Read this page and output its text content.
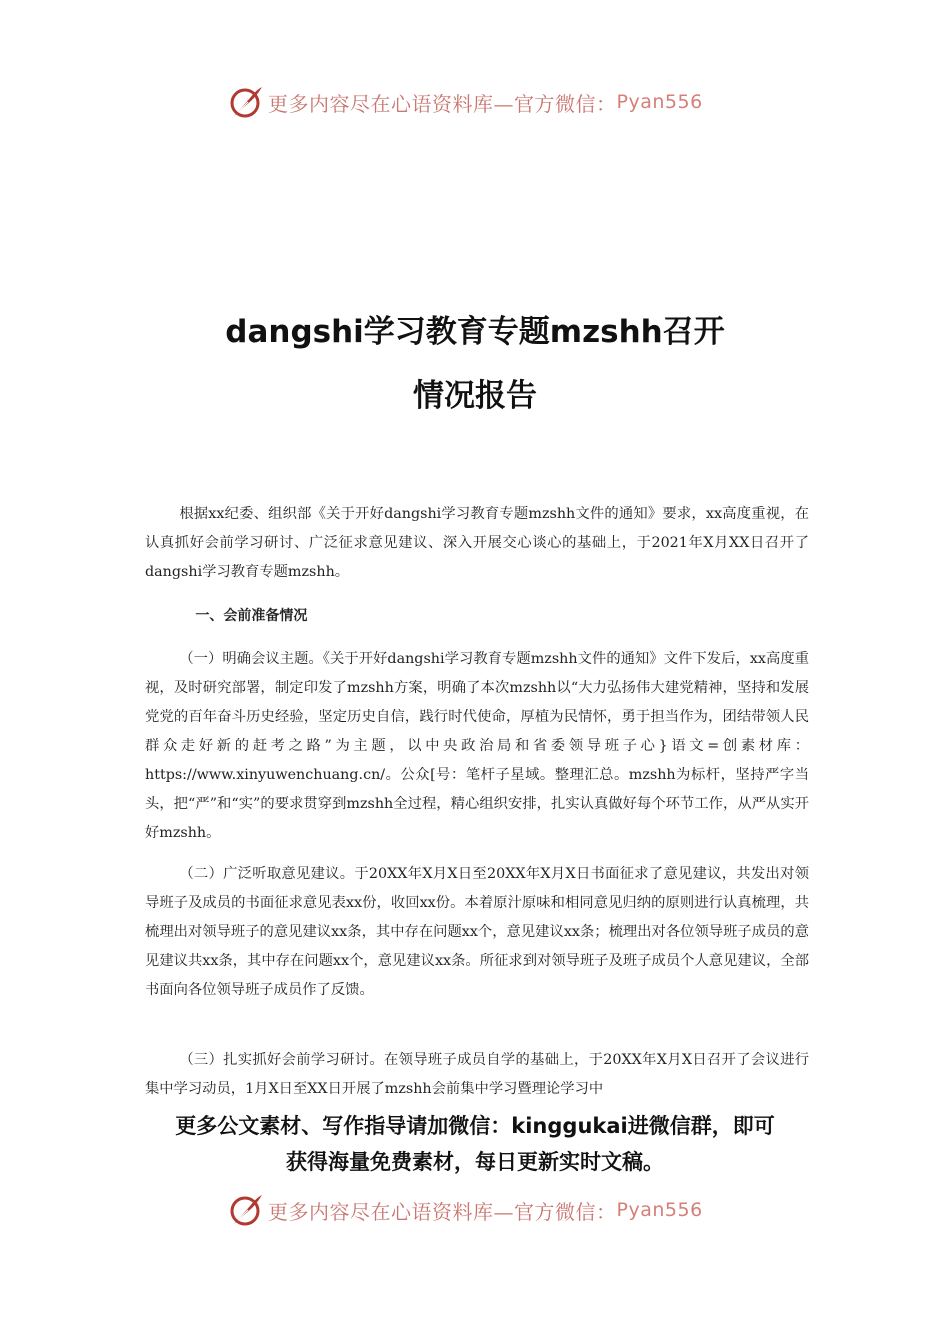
更多内容尽在心语资料库—官方微信： Pyan556
dangshi学习教育专题mzshh召开
情况报告

根据xx纪委、组织部《关于开好dangshi学习教育专题mzshh文件的通知》要求，xx高度重视，在认真抓好会前学习研讨、广泛征求意见建议、深入开展交心谈心的基础上，于2021年X月XX日召开了dangshi学习教育专题mzshh。

一、会前准备情况

（一）明确会议主题。《关于开好dangshi学习教育专题mzshh文件的通知》文件下发后，xx高度重视，及时研究部署，制定印发了mzshh方案，明确了本次mzshh以“大力弘扬伟大建党精神，坚持和发展党党的百年奋斗历史经验，坚定历史自信，践行时代使命，厚植为民情怀，勇于担当作为，团结带领人民群众走好新的赶考之路”为主题，以中央政治局和省委领导班子心}语文=创素材库：https://www.xinyuwenchuang.cn/。公众[号：笔杆子星域。整理汇总。mzshh为标杆，坚持严字当头，把“严”和“实”的要求贯穿到mzshh全过程，精心组织安排，扎实认真做好每个环节工作，从严从实开好mzshh。

（二）广泛听取意见建议。于20XX年X月X日至20XX年X月X日书面征求了意见建议，共发出对领导班子及成员的书面征求意见表xx份，收回xx份。本着原汁原味和相同意见归纳的原则进行认真梳理，共梳理出对领导班子的意见建议xx条，其中存在问题xx个，意见建议xx条；梳理出对各位领导班子成员的意见建议共xx条，其中存在问题xx个，意见建议xx条。所征求到对领导班子及班子成员个人意见建议，全部书面向各位领导班子成员作了反馈。

（三）扎实抓好会前学习研讨。在领导班子成员自学的基础上，于20XX年X月X日召开了会议进行集中学习动员，1月X日至XX日开展了mzshh会前集中学习暨理论学习中

更多公文素材、写作指导请加微信：kinggukai进微信群，即可
获得海量免费素材，每日更新实时文稿。
更多内容尽在心语资料库—官方微信： Pyan556
